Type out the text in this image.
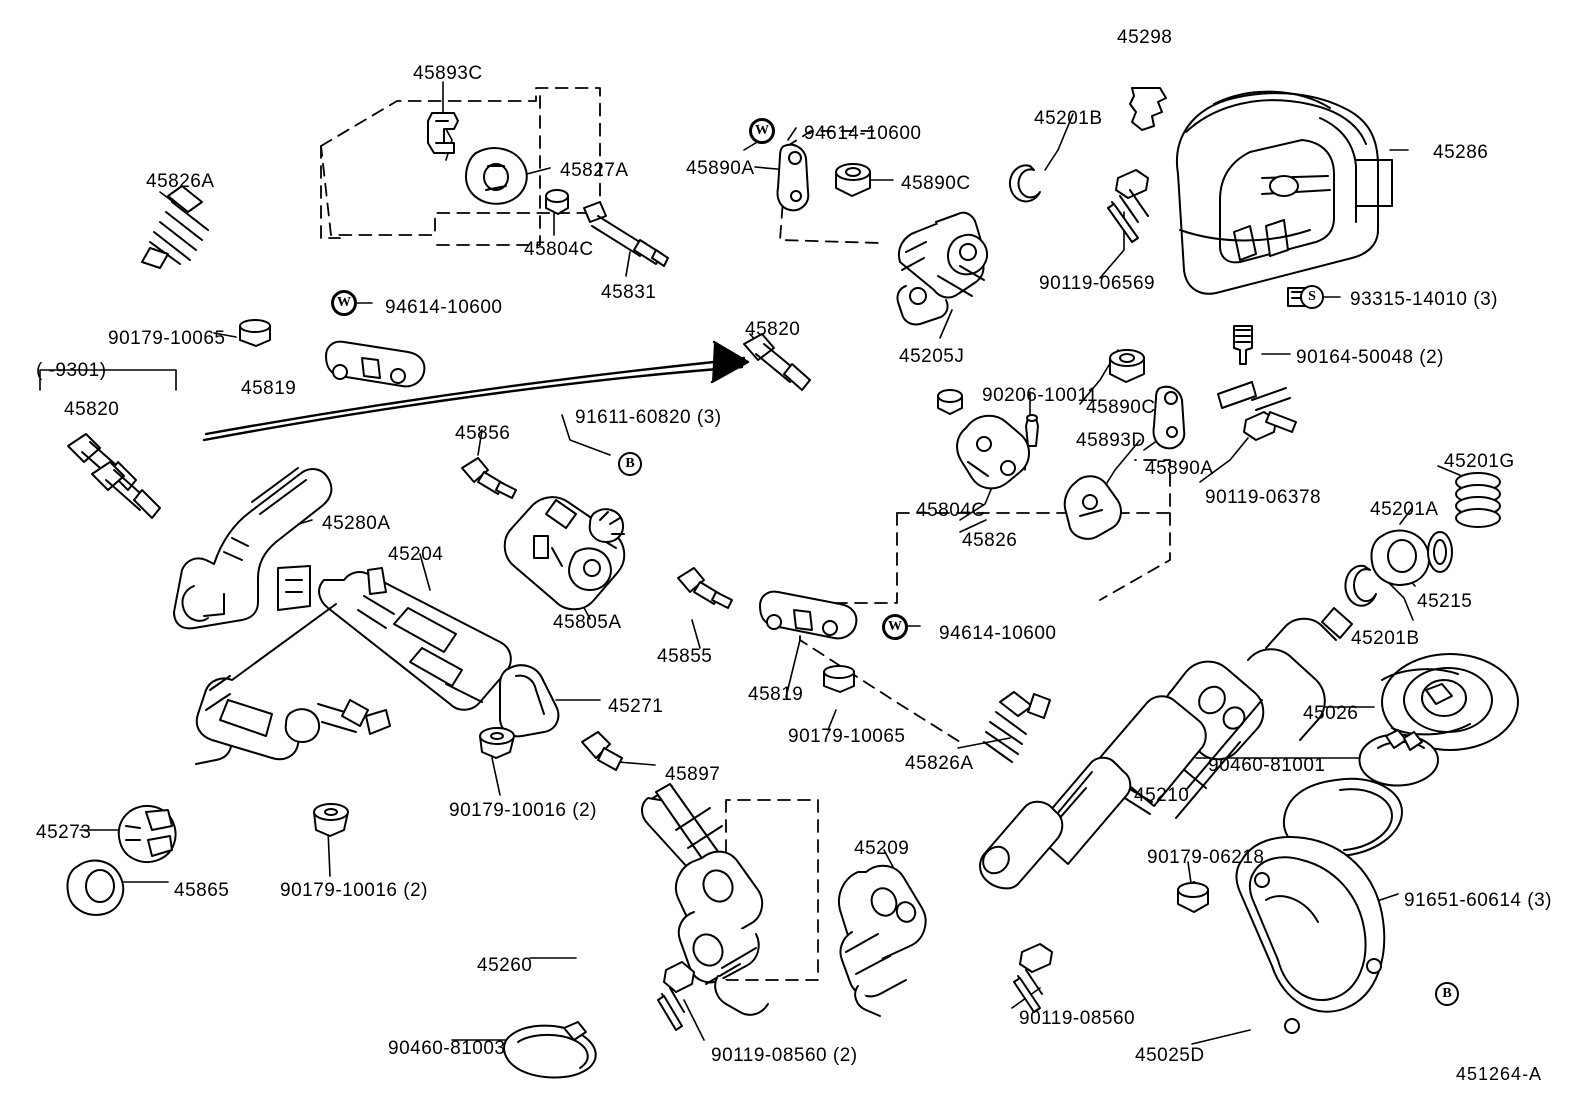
45893C
45298
45201B
94614-10600
45286
45827A	45890A
45890C
45826A
45804C
45831	90119-06569
93315-14010 (3)
94614-10600
45820
90179-10065
90164-50048 (2)
45819
45820
45205J
90206-10011
45890C
91611-60820 (3)
45856	45893D
45201G
45890A
90119-06378
45201A
45804C
45826
45280A
45215
45204
45805A
45201B
94614-10600
45855
45271
45819
45026
90179-10065
45826A	90460-81001
45897
45210
90179-10016 (2)
45209
45273
90179-06218
45865	90179-10016 (2)	91651-60614 (3)
45260
90119-08560
90460-81003	90119-08560 (2)	45025D
( -9301)
W
W
W
B
B
S
451264-A
